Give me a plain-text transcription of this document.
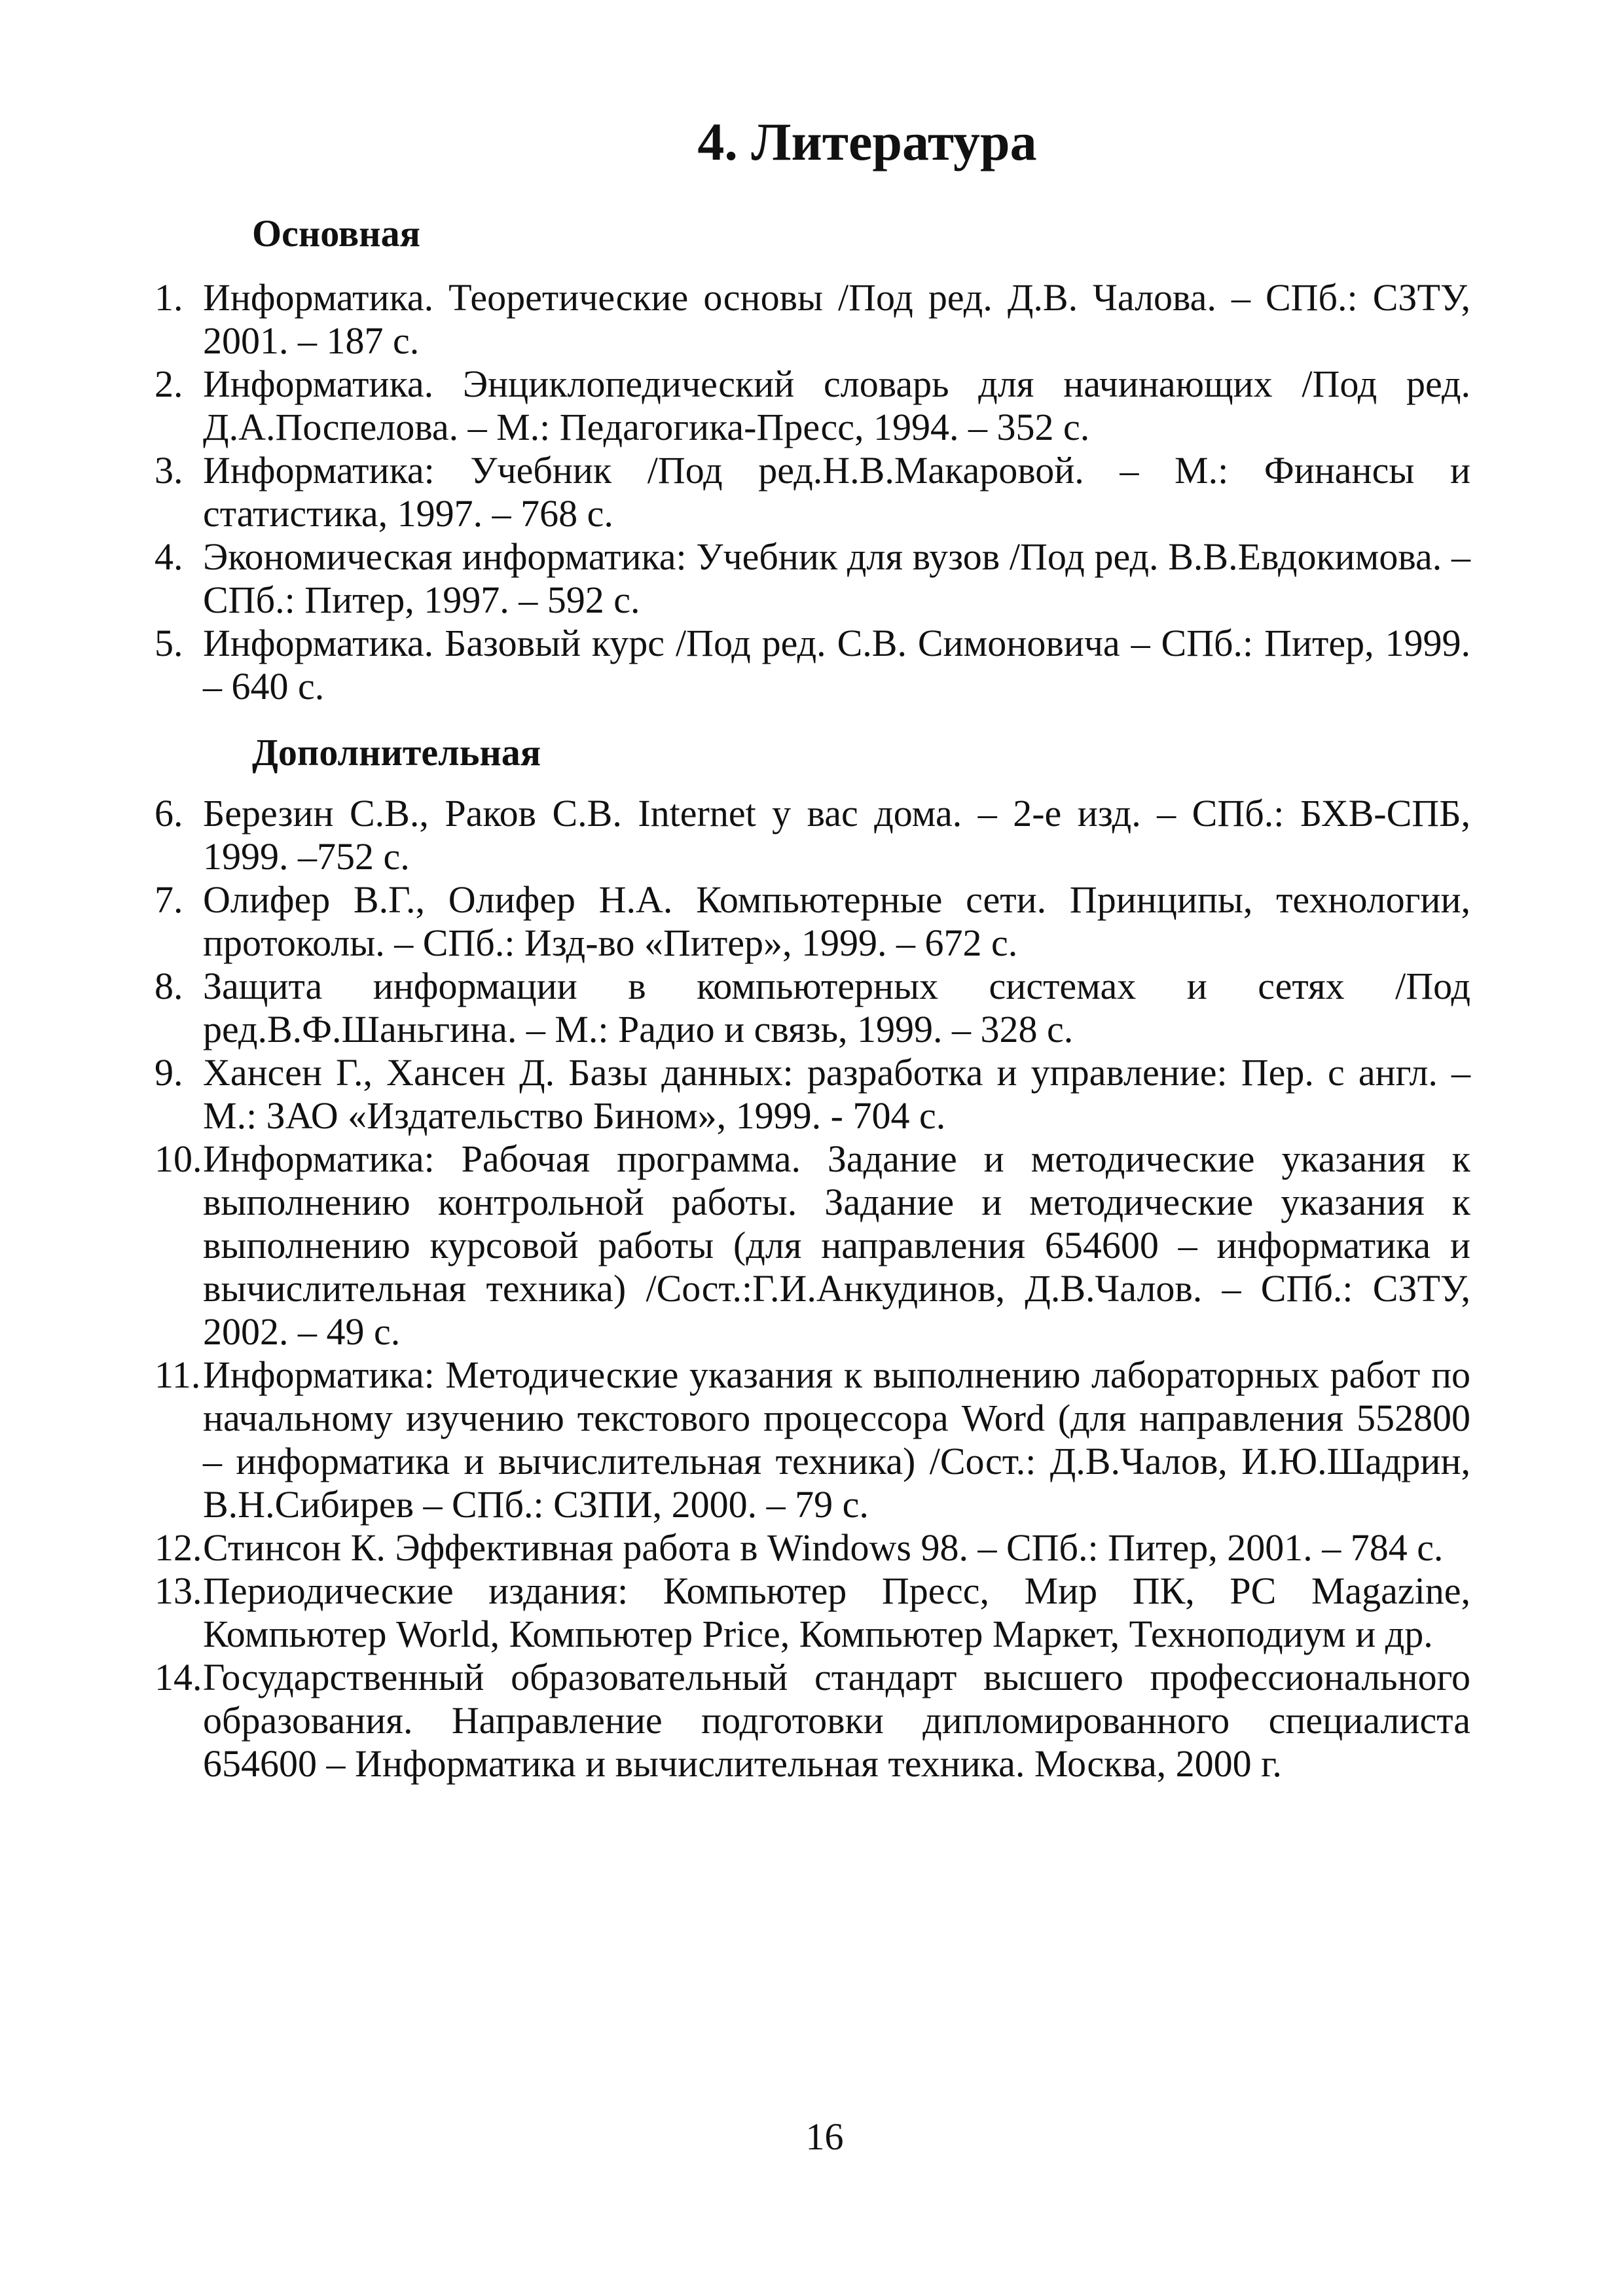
4. Литература
Основная
1. Информатика. Теоретические основы /Под ред. Д.В. Чалова. – СПб.: СЗТУ, 2001. – 187 с.
2. Информатика. Энциклопедический словарь для начинающих /Под ред. Д.А.Поспелова. – М.: Педагогика-Пресс, 1994. – 352 с.
3. Информатика: Учебник /Под ред.Н.В.Макаровой. – М.: Финансы и статистика, 1997. – 768 с.
4. Экономическая информатика: Учебник для вузов /Под ред. В.В.Евдокимова. – СПб.: Питер, 1997. – 592 с.
5. Информатика. Базовый курс /Под ред. С.В. Симоновича – СПб.: Питер, 1999. – 640 с.
Дополнительная
6. Березин С.В., Раков С.В. Internet у вас дома. – 2-е изд. – СПб.: БХВ-СПБ, 1999. –752 с.
7. Олифер В.Г., Олифер Н.А. Компьютерные сети. Принципы, технологии, протоколы. – СПб.: Изд-во «Питер», 1999. – 672 с.
8. Защита информации в компьютерных системах и сетях /Под ред.В.Ф.Шаньгина. – М.: Радио и связь, 1999. – 328 с.
9. Хансен Г., Хансен Д. Базы данных: разработка и управление: Пер. с англ. – М.: ЗАО «Издательство Бином», 1999. - 704 с.
10. Информатика: Рабочая программа. Задание и методические указания к выполнению контрольной работы. Задание и методические указания к выполнению курсовой работы (для направления 654600 – информатика и вычислительная техника) /Сост.:Г.И.Анкудинов, Д.В.Чалов. – СПб.: СЗТУ, 2002. – 49 с.
11. Информатика: Методические указания к выполнению лабораторных работ по начальному изучению текстового процессора Word (для направления 552800 – информатика и вычислительная техника) /Сост.: Д.В.Чалов, И.Ю.Шадрин, В.Н.Сибирев – СПб.: СЗПИ, 2000. – 79 с.
12. Стинсон К. Эффективная работа в Windows 98. – СПб.: Питер, 2001. – 784 с.
13. Периодические издания: Компьютер Пресс, Мир ПК, PC Magazine, Компьютер World, Компьютер Price, Компьютер Маркет, Технoподиум и др.
14. Государственный образовательный стандарт высшего профессионального образования. Направление подготовки дипломированного специалиста 654600 – Информатика и вычислительная техника. Москва, 2000 г.
16
